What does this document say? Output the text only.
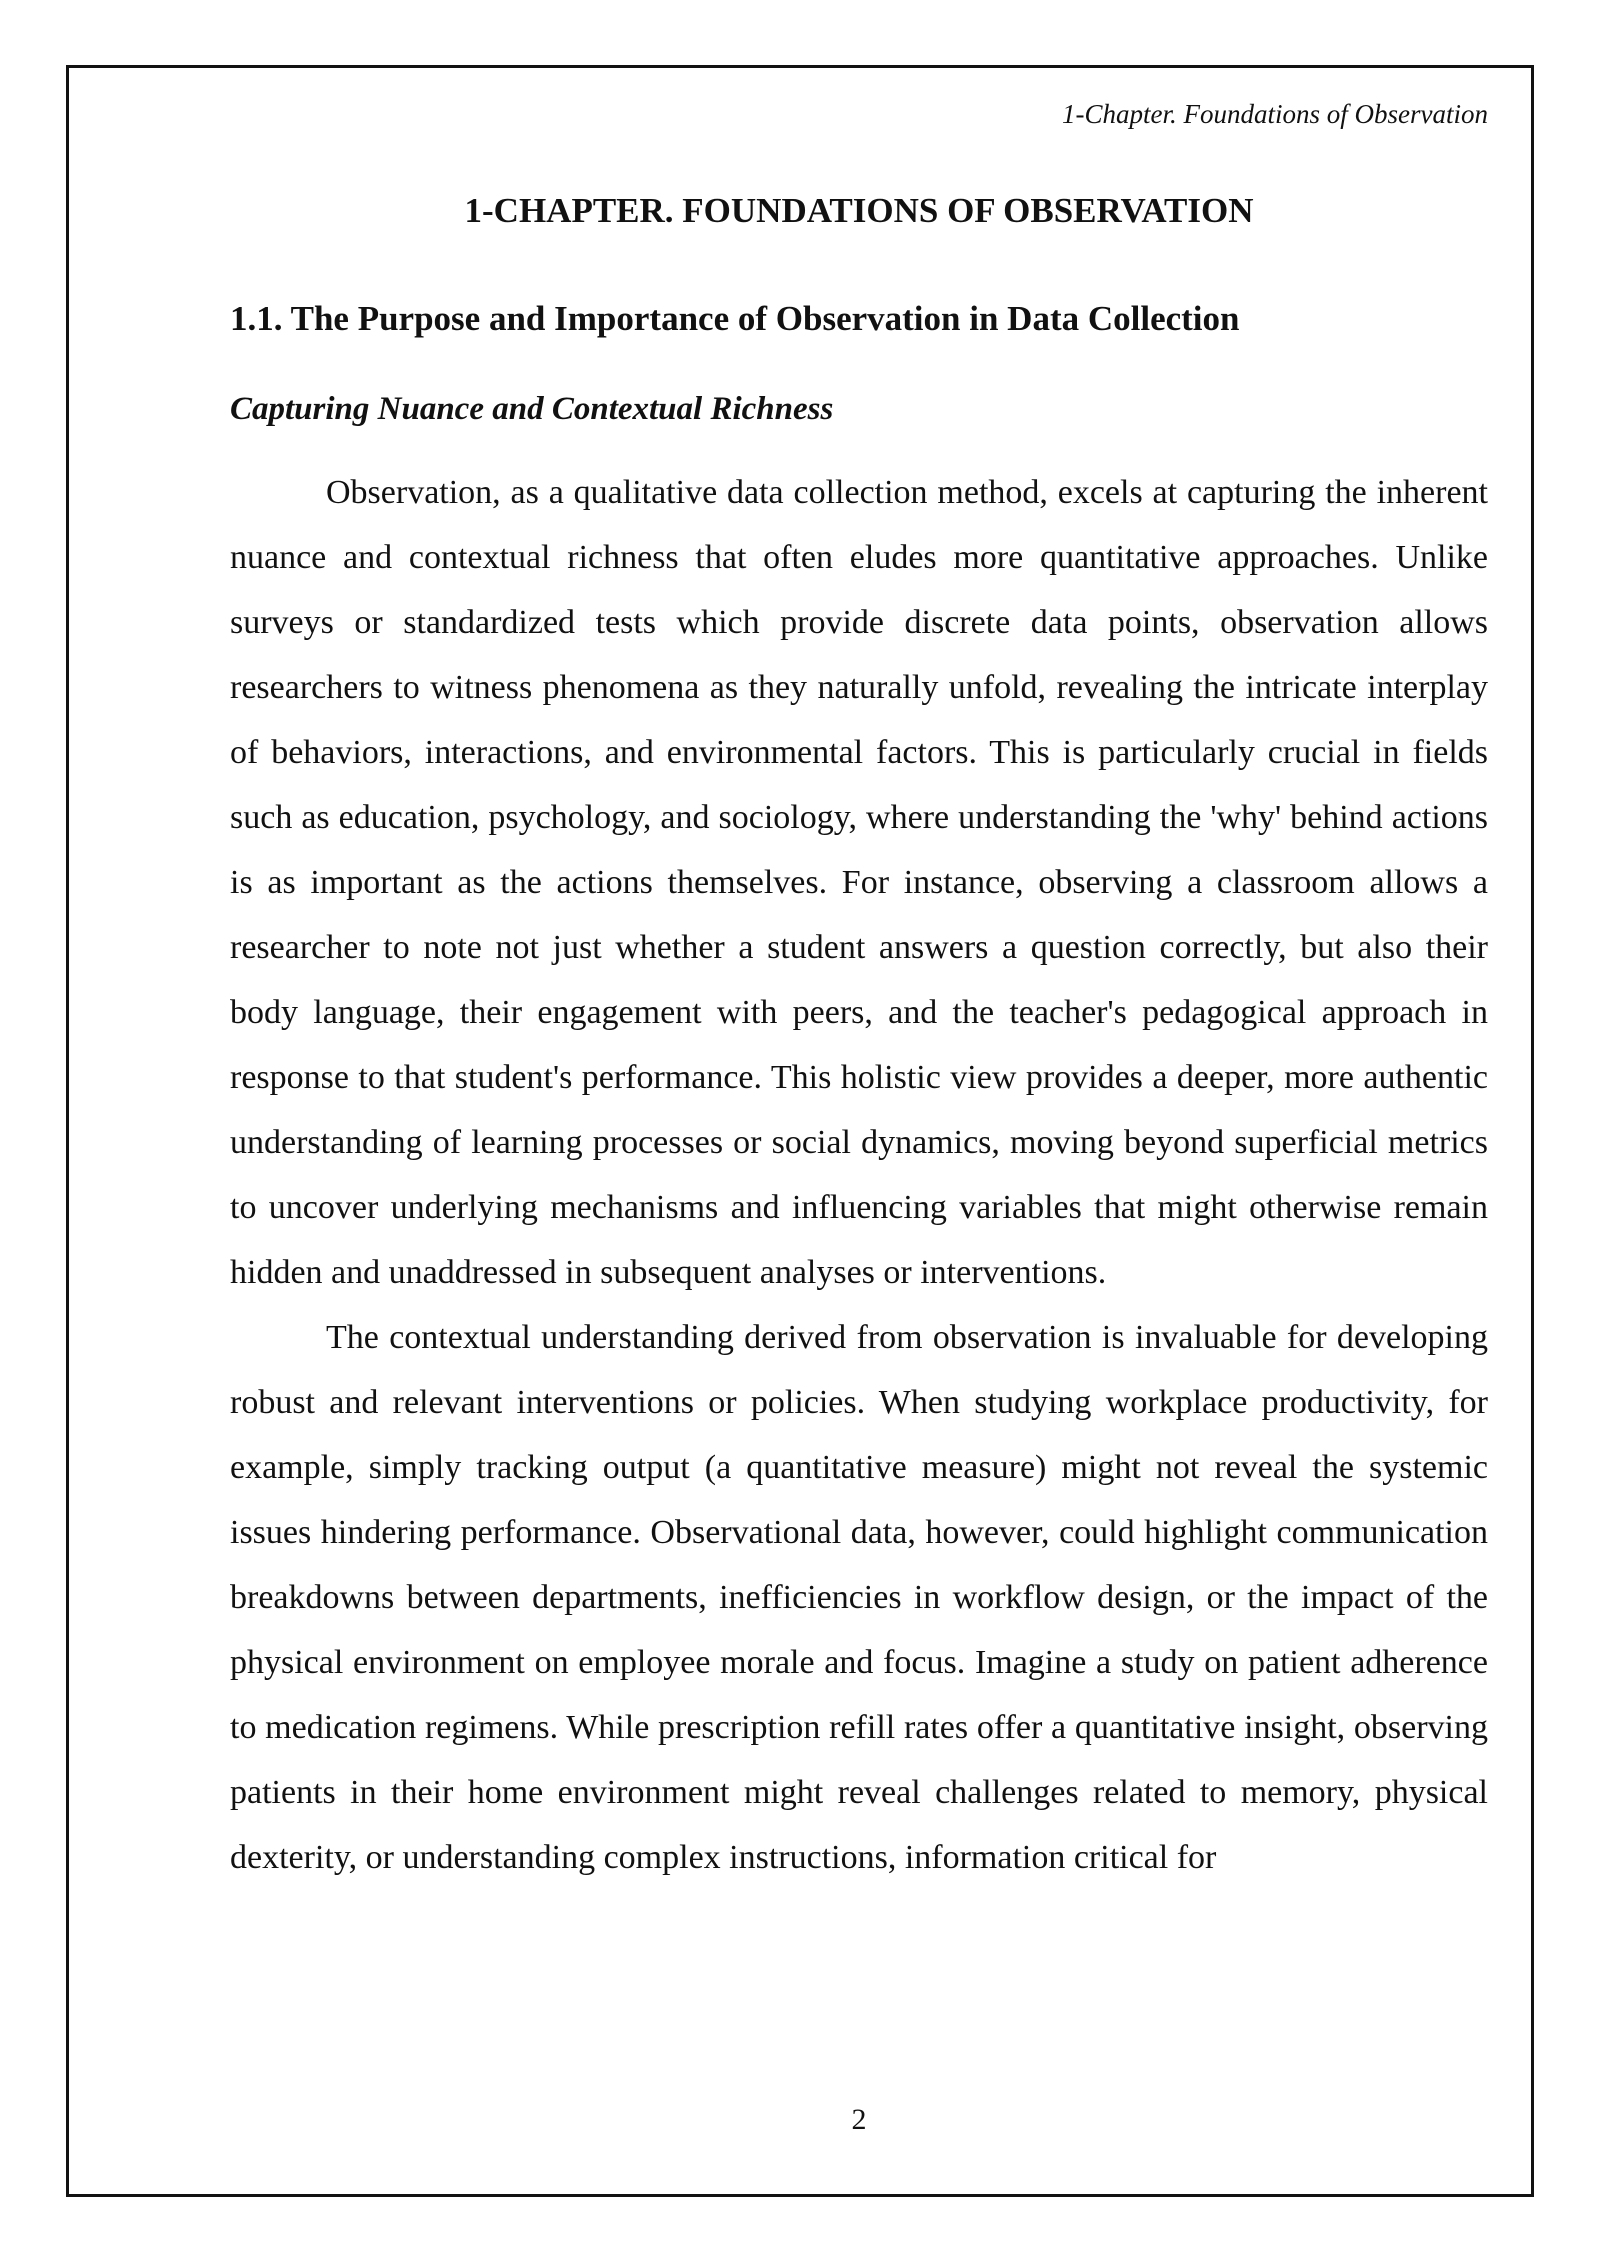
1-Chapter. Foundations of Observation
1-CHAPTER. FOUNDATIONS OF OBSERVATION
1.1. The Purpose and Importance of Observation in Data Collection
Capturing Nuance and Contextual Richness

Observation, as a qualitative data collection method, excels at capturing the inherent nuance and contextual richness that often eludes more quantitative approaches. Unlike surveys or standardized tests which provide discrete data points, observation allows researchers to witness phenomena as they naturally unfold, revealing the intricate interplay of behaviors, interactions, and environmental factors. This is particularly crucial in fields such as education, psychology, and sociology, where understanding the 'why' behind actions is as important as the actions themselves. For instance, observing a classroom allows a researcher to note not just whether a student answers a question correctly, but also their body language, their engagement with peers, and the teacher's pedagogical approach in response to that student's performance. This holistic view provides a deeper, more authentic understanding of learning processes or social dynamics, moving beyond superficial metrics to uncover underlying mechanisms and influencing variables that might otherwise remain hidden and unaddressed in subsequent analyses or interventions.

The contextual understanding derived from observation is invaluable for developing robust and relevant interventions or policies. When studying workplace productivity, for example, simply tracking output (a quantitative measure) might not reveal the systemic issues hindering performance. Observational data, however, could highlight communication breakdowns between departments, inefficiencies in workflow design, or the impact of the physical environment on employee morale and focus. Imagine a study on patient adherence to medication regimens. While prescription refill rates offer a quantitative insight, observing patients in their home environment might reveal challenges related to memory, physical dexterity, or understanding complex instructions, information critical for

2
